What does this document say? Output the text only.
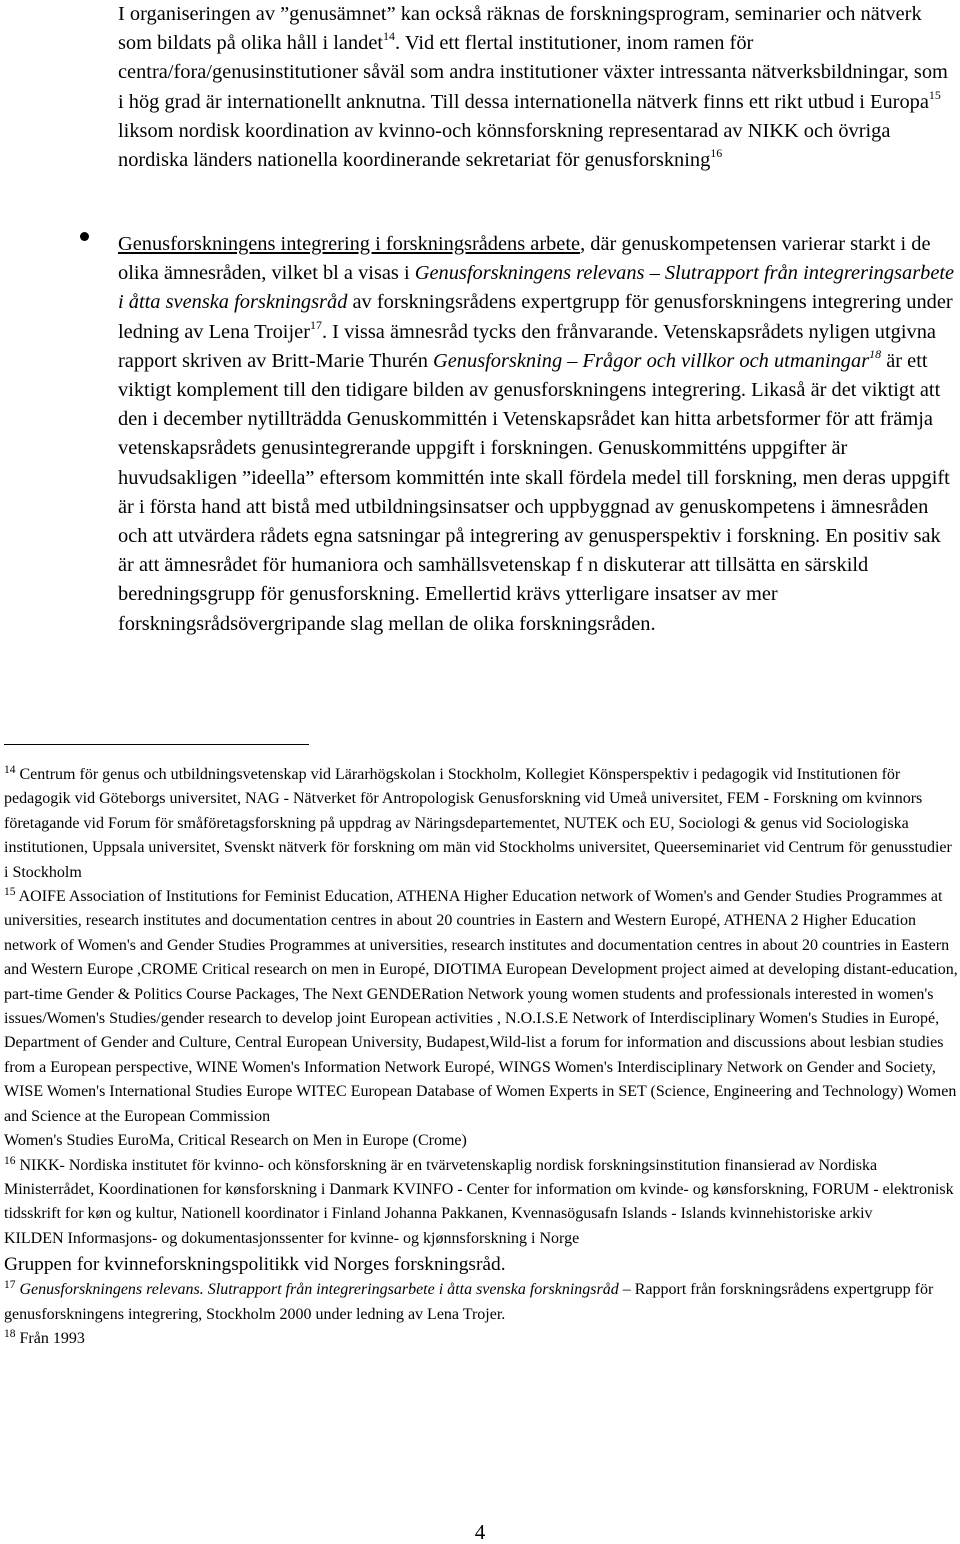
I organiseringen av ”genusämnet” kan också räknas de forskningsprogram, seminarier och nätverk som bildats på olika håll i landet$^{14}$. Vid ett flertal institutioner, inom ramen för centra/fora/genusinstitutioner såväl som andra institutioner växter intressanta nätverksbildningar, som i hög grad är internationellt anknutna. Till dessa internationella nätverk finns ett rikt utbud i Europa$^{15}$ liksom nordisk koordination av kvinno-och könnsforskning representarad av NIKK och övriga nordiska länders nationella koordinerande sekretariat för genusforskning$^{16}$

Genusforskningens integrering i forskningsrådens arbete, där genuskompetensen varierar starkt i de olika ämnesråden, vilket bl a visas i Genusforskningens relevans – Slutrapport från integreringsarbete i åtta svenska forskningsråd av forskningsrådens expertgrupp för genusforskningens integrering under ledning av Lena Troijer$^{17}$. I vissa ämnesråd tycks den frånvarande. Vetenskapsrådets nyligen utgivna rapport skriven av Britt-Marie Thurén Genusforskning – Frågor och villkor och utmaningar$^{18}$ är ett viktigt komplement till den tidigare bilden av genusforskningens integrering. Likaså är det viktigt att den i december nytillträdda Genuskommittén i Vetenskapsrådet kan hitta arbetsformer för att främja vetenskapsrådets genusintegrerande uppgift i forskningen. Genuskommitténs uppgifter är huvudsakligen ”ideella” eftersom kommittén inte skall fördela medel till forskning, men deras uppgift är i första hand att bistå med utbildningsinsatser och uppbyggnad av genuskompetens i ämnesråden och att utvärdera rådets egna satsningar på integrering av genusperspektiv i forskning. En positiv sak är att ämnesrådet för humaniora och samhällsvetenskap f n diskuterar att tillsätta en särskild beredningsgrupp för genusforskning. Emellertid krävs ytterligare insatser av mer forskningsrådsövergripande slag mellan de olika forskningsråden.

$^{14}$ Centrum för genus och utbildningsvetenskap vid Lärarhögskolan i Stockholm, Kollegiet Könsperspektiv i pedagogik vid Institutionen för pedagogik vid Göteborgs universitet, NAG - Nätverket för Antropologisk Genusforskning vid Umeå universitet, FEM - Forskning om kvinnors företagande vid Forum för småföretagsforskning på uppdrag av Näringsdepartementet, NUTEK och EU, Sociologi & genus vid Sociologiska institutionen, Uppsala universitet, Svenskt nätverk för forskning om män vid Stockholms universitet, Queerseminariet vid Centrum för genusstudier i Stockholm
$^{15}$ AOIFE Association of Institutions for Feminist Education, ATHENA Higher Education network of Women's and Gender Studies Programmes at universities, research institutes and documentation centres in about 20 countries in Eastern and Western Europé, ATHENA 2 Higher Education network of Women's and Gender Studies Programmes at universities, research institutes and documentation centres in about 20 countries in Eastern and Western Europe ,CROME Critical research on men in Europé, DIOTIMA European Development project aimed at developing distant-education, part-time Gender & Politics Course Packages, The Next GENDERation Network young women students and professionals interested in women's issues/Women's Studies/gender research to develop joint European activities , N.O.I.S.E Network of Interdisciplinary Women's Studies in Europé, Department of Gender and Culture, Central European University, Budapest,Wild-list a forum for information and discussions about lesbian studies from a European perspective, WINE Women's Information Network Europé, WINGS Women's Interdisciplinary Network on Gender and Society, WISE Women's International Studies Europe WITEC European Database of Women Experts in SET (Science, Engineering and Technology) Women and Science at the European Commission
Women's Studies EuroMa, Critical Research on Men in Europe (Crome)
$^{16}$ NIKK- Nordiska institutet för kvinno- och könsforskning är en tvärvetenskaplig nordisk forskningsinstitution finansierad av Nordiska Ministerrådet, Koordinationen for kønsforskning i Danmark KVINFO - Center for information om kvinde- og kønsforskning, FORUM - elektronisk tidsskrift for køn og kultur, Nationell koordinator i Finland Johanna Pakkanen, Kvennasögusafn Islands - Islands kvinnehistoriske arkiv
KILDEN Informasjons- og dokumentasjonssenter for kvinne- og kjønnsforskning i Norge
Gruppen for kvinneforskningspolitikk vid Norges forskningsråd.
$^{17}$ Genusforskningens relevans. Slutrapport från integreringsarbete i åtta svenska forskningsråd – Rapport från forskningsrådens expertgrupp för genusforskningens integrering, Stockholm 2000 under ledning av Lena Trojer.
$^{18}$ Från 1993
4
